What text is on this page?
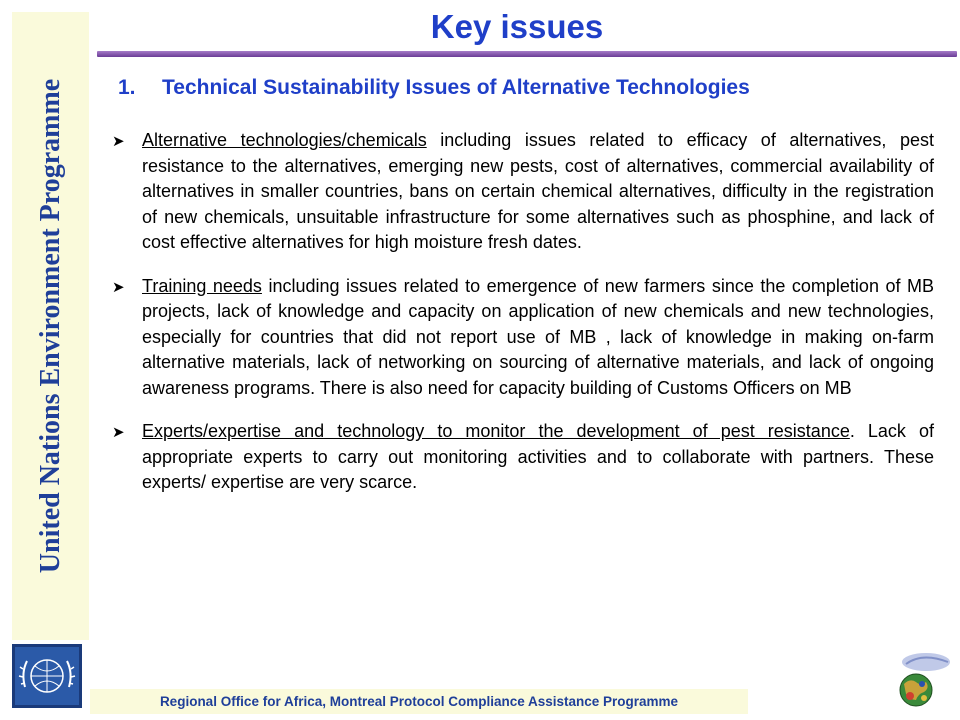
United Nations Environment Programme
Key issues
1. Technical Sustainability Issues of Alternative Technologies
➤ Alternative technologies/chemicals including issues related to efficacy of alternatives, pest resistance to the alternatives, emerging new pests, cost of alternatives, commercial availability of alternatives in smaller countries, bans on certain chemical alternatives, difficulty in the registration of new chemicals, unsuitable infrastructure for some alternatives such as phosphine, and lack of cost effective alternatives for high moisture fresh dates.
➤ Training needs including issues related to emergence of new farmers since the completion of MB projects, lack of knowledge and capacity on application of new chemicals and new technologies, especially for countries that did not report use of MB , lack of knowledge in making on-farm alternative materials, lack of networking on sourcing of alternative materials, and lack of ongoing awareness programs. There is also need for capacity building of Customs Officers on MB
➤ Experts/expertise and technology to monitor the development of pest resistance. Lack of appropriate experts to carry out monitoring activities and to collaborate with partners. These experts/ expertise are very scarce.
Regional Office for Africa, Montreal Protocol Compliance Assistance Programme
